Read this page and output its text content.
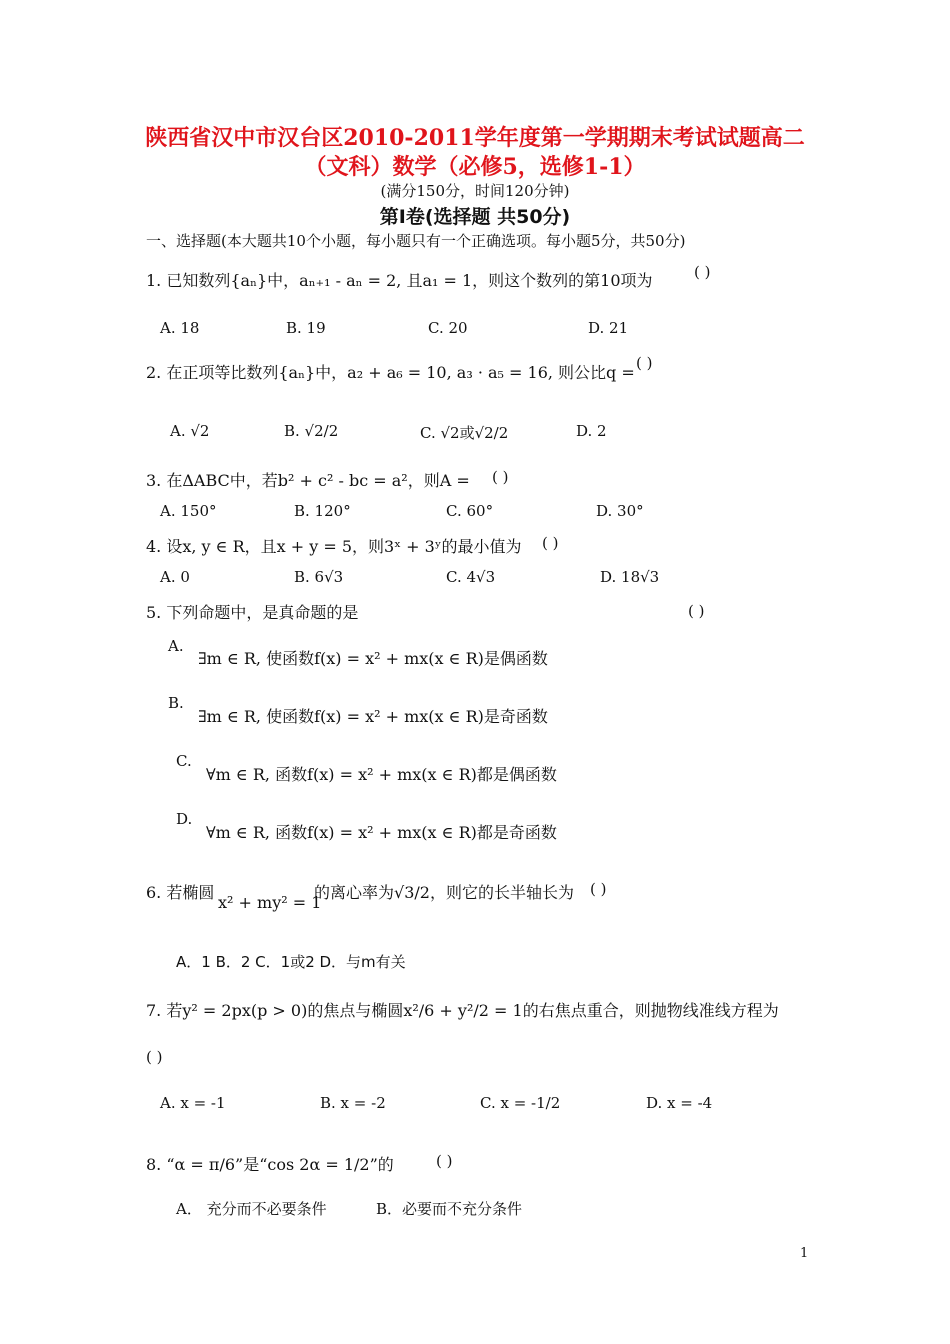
陕西省汉中市汉台区2010-2011学年度第一学期期末考试试题高二
（文科）数学（必修5，选修1-1）
(满分150分，时间120分钟)
第Ⅰ卷(选择题 共50分)
一、选择题(本大题共10个小题，每小题只有一个正确选项。每小题5分，共50分)
1. 已知数列{aₙ}中，aₙ₊₁ - aₙ = 2, 且a₁ = 1，则这个数列的第10项为	( )
A. 18	B. 19	C. 20	D. 21
2. 在正项等比数列{aₙ}中，a₂ + a₆ = 10, a₃ · a₅ = 16, 则公比q = ( )
A. √2	B. √2/2	C. √2或√2/2	D. 2
3. 在ΔABC中，若b² + c² - bc = a²，则A = ( )
A. 150°	B. 120°	C. 60°	D. 30°
4. 设x, y ∈ R，且x + y = 5，则3ˣ + 3ʸ的最小值为 ( )
A. 0	B. 6√3	C. 4√3	D. 18√3
5. 下列命题中，是真命题的是	( )
A.
∃m ∈ R, 使函数f(x) = x² + mx(x ∈ R)是偶函数
B.
∃m ∈ R, 使函数f(x) = x² + mx(x ∈ R)是奇函数
C.
∀m ∈ R, 函数f(x) = x² + mx(x ∈ R)都是偶函数
D.
∀m ∈ R, 函数f(x) = x² + mx(x ∈ R)都是奇函数
6. 若椭圆
x² + my² = 1
的离心率为√3/2，则它的长半轴长为 ( )
A．1 B．2 C．1或2 D．与m有关
7. 若y² = 2px(p > 0)的焦点与椭圆x²/6 + y²/2 = 1的右焦点重合，则抛物线准线方程为
( )
A. x = -1	B. x = -2	C. x = -1/2	D. x = -4
8. “α = π/6”是“cos 2α = 1/2”的	( )
A． 充分而不必要条件	B．必要而不充分条件
1
